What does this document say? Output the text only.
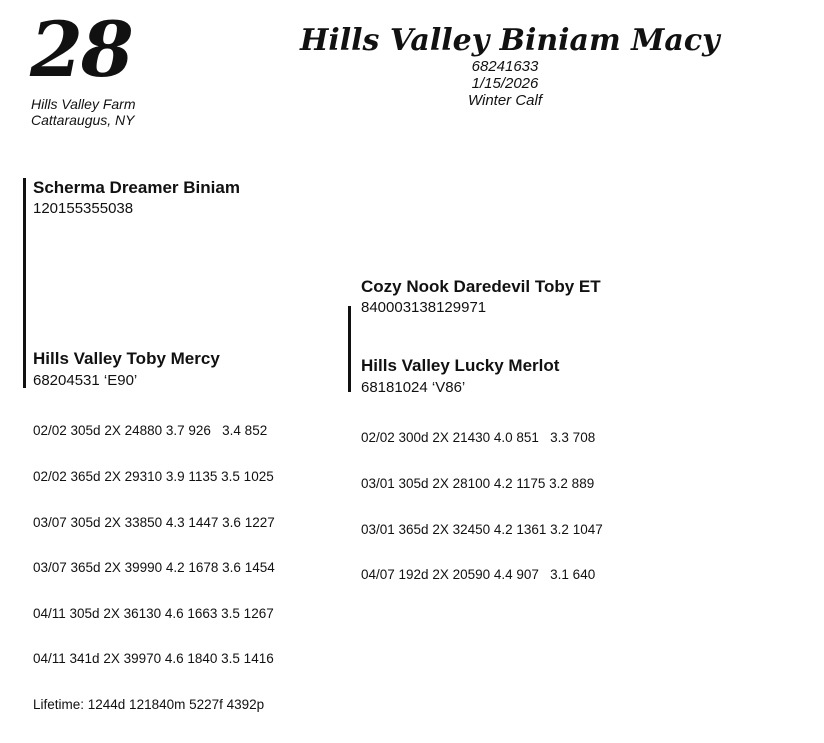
28
Hills Valley Farm
Cattaraugus, NY
Hills Valley Biniam Macy
68241633
1/15/2026
Winter Calf
Scherma Dreamer Biniam
120155355038
Hills Valley Toby Mercy
68204531 ‘E90’

02/02 305d 2X 24880 3.7 926   3.4 852

02/02 365d 2X 29310 3.9 1135 3.5 1025

03/07 305d 2X 33850 4.3 1447 3.6 1227

03/07 365d 2X 39990 4.2 1678 3.6 1454

04/11 305d 2X 36130 4.6 1663 3.5 1267

04/11 341d 2X 39970 4.6 1840 3.5 1416

Lifetime: 1244d 121840m 5227f 4392p

Cozy Nook Daredevil Toby ET
840003138129971
Hills Valley Lucky Merlot
68181024 ‘V86’

02/02 300d 2X 21430 4.0 851   3.3 708

03/01 305d 2X 28100 4.2 1175 3.2 889

03/01 365d 2X 32450 4.2 1361 3.2 1047

04/07 192d 2X 20590 4.4 907   3.1 640
